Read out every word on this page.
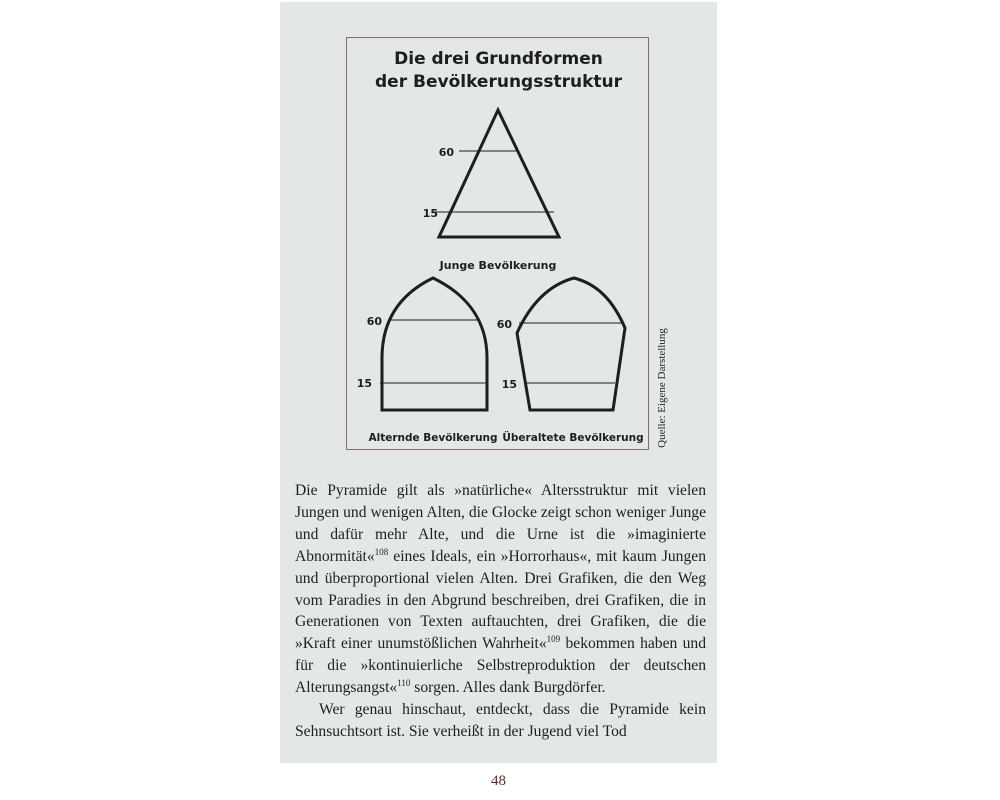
Die drei Grundformen
der Bevölkerungsstruktur
60
15
Junge Bevölkerung
60
15
Alternde Bevölkerung
60
15
Überaltete Bevölkerung Quelle: Eigene Darstellung

Die Pyramide gilt als »natürliche« Altersstruktur mit vielen Jungen und wenigen Alten, die Glocke zeigt schon weniger Junge und dafür mehr Alte, und die Urne ist die »imaginierte Abnormität«$^{108}$ eines Ideals, ein »Horrorhaus«, mit kaum Jungen und überproportional vielen Alten. Drei Grafiken, die den Weg vom Paradies in den Abgrund beschreiben, drei Grafiken, die in Generationen von Texten auftauchten, drei Grafiken, die die »Kraft einer unumstößlichen Wahrheit«$^{109}$ bekommen haben und für die »kontinuierliche Selbstreproduktion der deutschen Alterungsangst«$^{110}$ sorgen. Alles dank Burgdörfer.

Wer genau hinschaut, entdeckt, dass die Pyramide kein Sehnsuchtsort ist. Sie verheißt in der Jugend viel Tod

48
